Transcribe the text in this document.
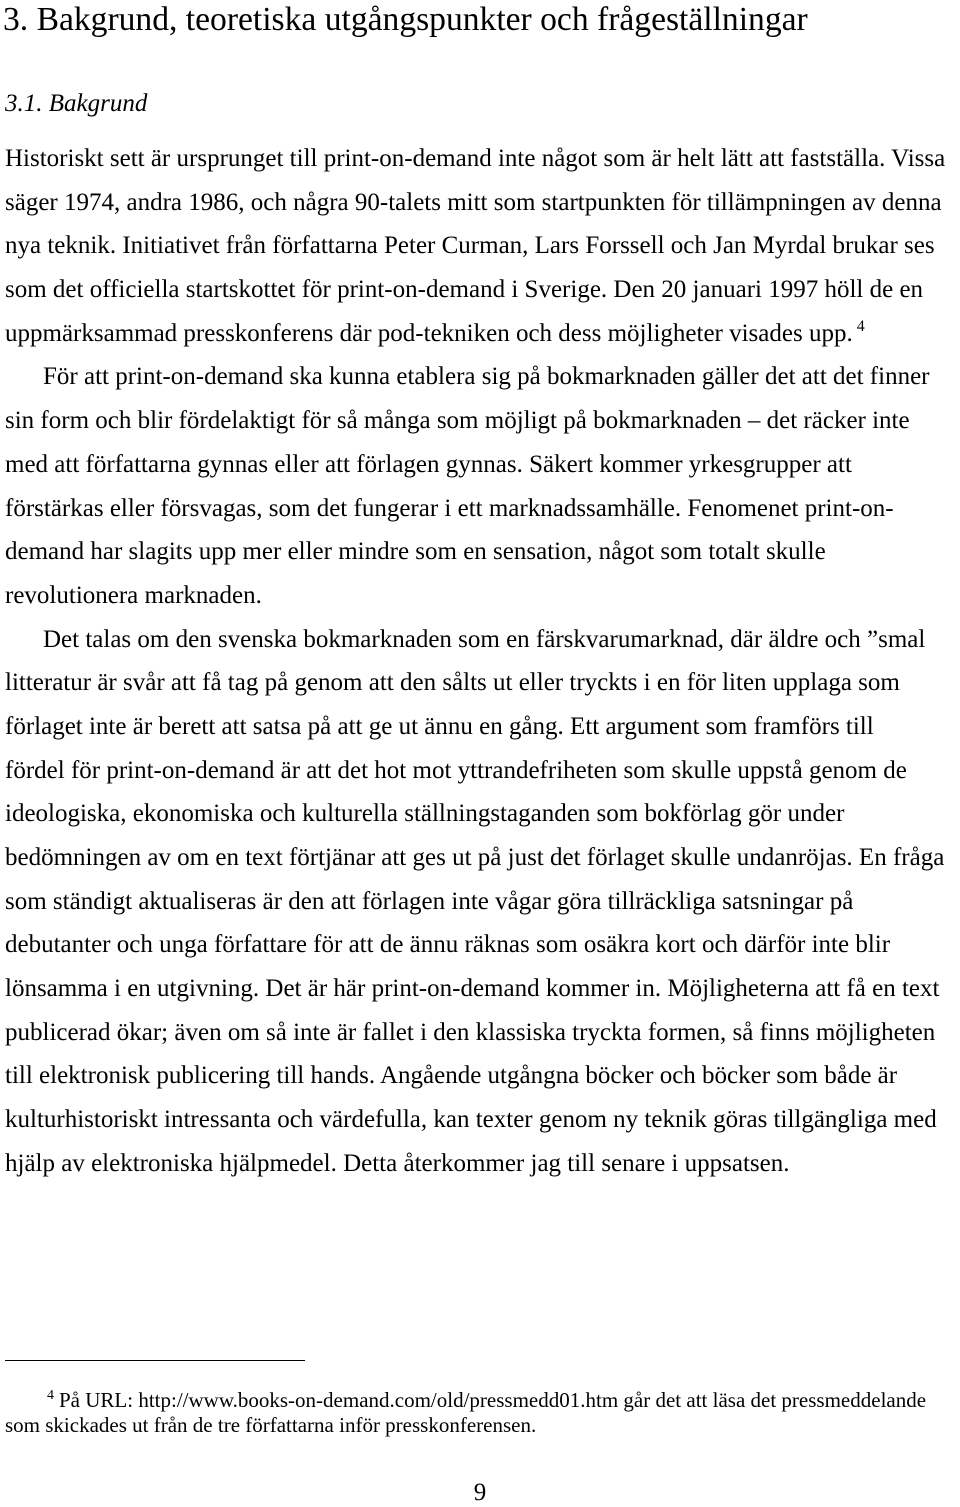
3. Bakgrund, teoretiska utgångspunkter och frågeställningar
3.1. Bakgrund
Historiskt sett är ursprunget till print-on-demand inte något som är helt lätt att fastställa. Vissa
säger 1974, andra 1986, och några 90-talets mitt som startpunkten för tillämpningen av denna
nya teknik. Initiativet från författarna Peter Curman, Lars Forssell och Jan Myrdal brukar ses
som det officiella startskottet för print-on-demand i Sverige. Den 20 januari 1997 höll de en
uppmärksammad presskonferens där pod-tekniken och dess möjligheter visades upp. $^4$
För att print-on-demand ska kunna etablera sig på bokmarknaden gäller det att det finner
sin form och blir fördelaktigt för så många som möjligt på bokmarknaden – det räcker inte
med att författarna gynnas eller att förlagen gynnas. Säkert kommer yrkesgrupper att
förstärkas eller försvagas, som det fungerar i ett marknadssamhälle. Fenomenet print-on-
demand har slagits upp mer eller mindre som en sensation, något som totalt skulle
revolutionera marknaden.
Det talas om den svenska bokmarknaden som en färskvarumarknad, där äldre och ”smal
litteratur är svår att få tag på genom att den sålts ut eller tryckts i en för liten upplaga som
förlaget inte är berett att satsa på att ge ut ännu en gång. Ett argument som framförs till
fördel för print-on-demand är att det hot mot yttrandefriheten som skulle uppstå genom de
ideologiska, ekonomiska och kulturella ställningstaganden som bokförlag gör under
bedömningen av om en text förtjänar att ges ut på just det förlaget skulle undanröjas. En fråga
som ständigt aktualiseras är den att förlagen inte vågar göra tillräckliga satsningar på
debutanter och unga författare för att de ännu räknas som osäkra kort och därför inte blir
lönsamma i en utgivning. Det är här print-on-demand kommer in. Möjligheterna att få en text
publicerad ökar; även om så inte är fallet i den klassiska tryckta formen, så finns möjligheten
till elektronisk publicering till hands. Angående utgångna böcker och böcker som både är
kulturhistoriskt intressanta och värdefulla, kan texter genom ny teknik göras tillgängliga med
hjälp av elektroniska hjälpmedel. Detta återkommer jag till senare i uppsatsen.
$^4$ På URL: http://www.books-on-demand.com/old/pressmedd01.htm går det att läsa det pressmeddelande
som skickades ut från de tre författarna inför presskonferensen.
9
